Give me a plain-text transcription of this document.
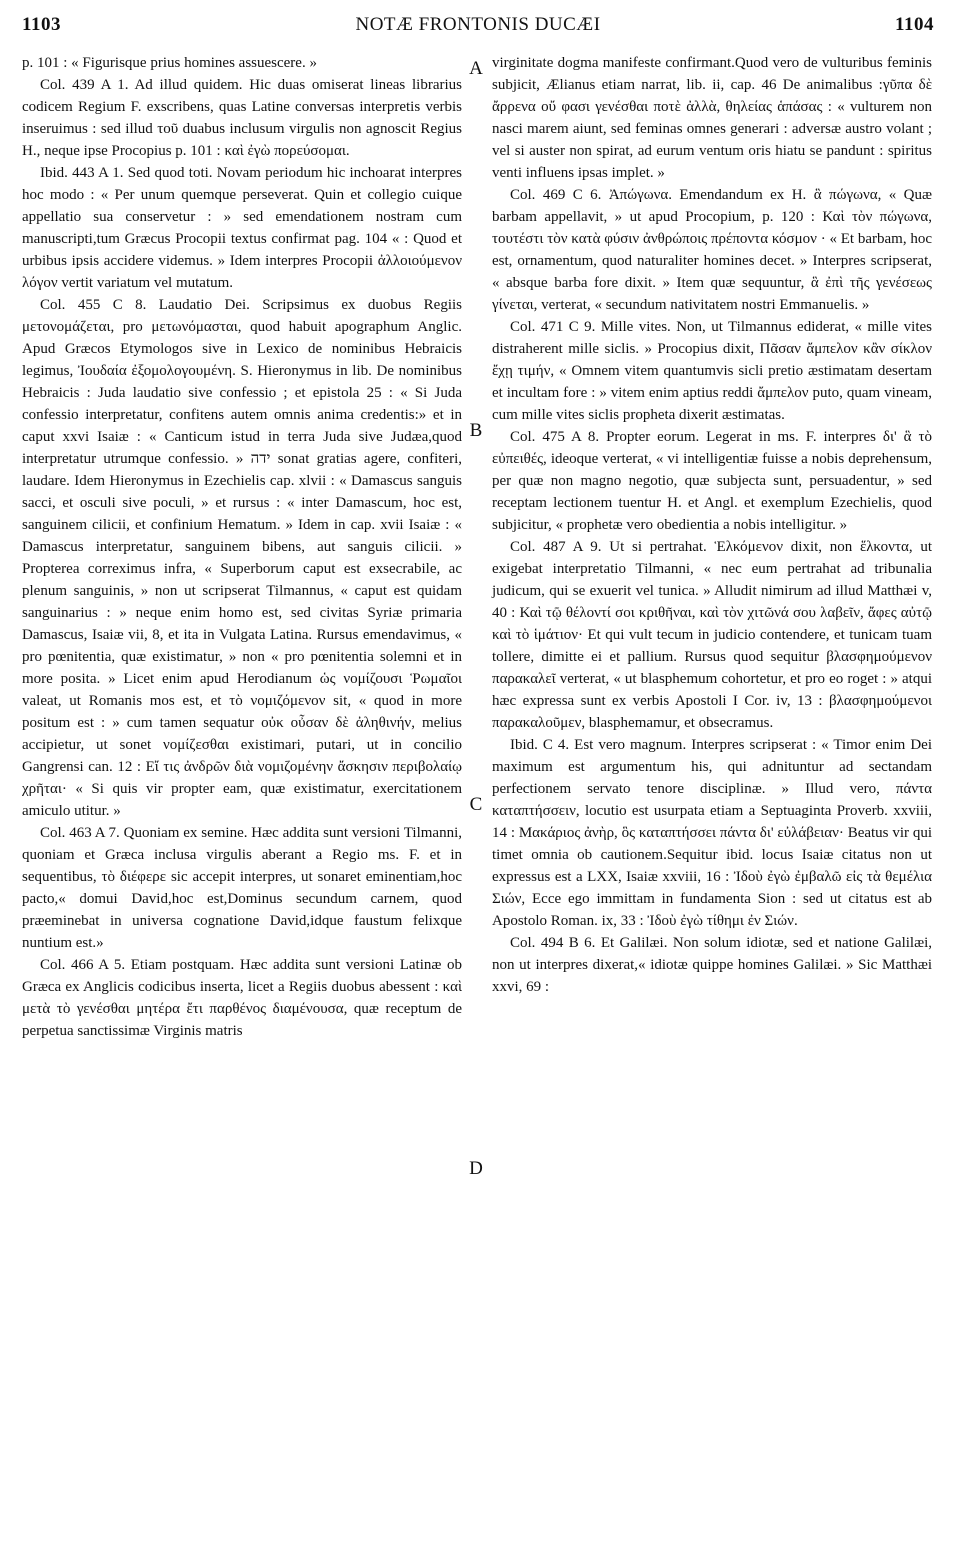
1103	NOTÆ FRONTONIS DUCÆI	1104

p. 101 : « Figurisque prius homines assuescere. »

Col. 439 A 1. Ad illud quidem. Hic duas omiserat lineas librarius codicem Regium F. exscribens, quas Latine conversas interpretis verbis inseruimus : sed illud τοῦ duabus inclusum virgulis non agnoscit Regius H., neque ipse Procopius p. 101 : καὶ ἐγὼ πορεύσομαι.

Ibid. 443 A 1. Sed quod toti. Novam periodum hic inchoarat interpres hoc modo : « Per unum quemque perseverat. Quin et collegio cuique appellatio sua conservetur : » sed emendationem nostram cum manuscripti,tum Græcus Procopii textus confirmat pag. 104 « : Quod et urbibus ipsis accidere videmus. » Idem interpres Procopii ἀλλοιούμενον λόγον vertit variatum vel mutatum.

Col. 455 C 8. Laudatio Dei. Scripsimus ex duobus Regiis μετονομάζεται, pro μετωνόμασται, quod habuit apographum Anglic. Apud Græcos Etymologos sive in Lexico de nominibus Hebraicis legimus, Ἰουδαία ἐξομολογουμένη. S. Hieronymus in lib. De nominibus Hebraicis : Juda laudatio sive confessio ; et epistola 25 : « Si Juda confessio interpretatur, confitens autem omnis anima credentis:» et in caput xxvi Isaiæ : « Canticum istud in terra Juda sive Judæa,quod interpretatur utrumque confessio. » ידה sonat gratias agere, confiteri, laudare. Idem Hieronymus in Ezechielis cap. xlvii : « Damascus sanguis sacci, et osculi sive poculi, » et rursus : « inter Damascum, hoc est, sanguinem cilicii, et confinium Hematum. » Idem in cap. xvii Isaiæ : « Damascus interpretatur, sanguinem bibens, aut sanguis cilicii. » Propterea correximus infra, « Superborum caput est exsecrabile, ac plenum sanguinis, » non ut scripserat Tilmannus, « caput est quidam sanguinarius : » neque enim homo est, sed civitas Syriæ primaria Damascus, Isaiæ vii, 8, et ita in Vulgata Latina. Rursus emendavimus, « pro pœnitentia, quæ existimatur, » non « pro pœnitentia solemni et in more posita. » Licet enim apud Herodianum ὡς νομίζουσι Ῥωμαῖοι valeat, ut Romanis mos est, et τὸ νομιζόμενον sit, « quod in more positum est : » cum tamen sequatur οὐκ οὖσαν δὲ ἀληθινήν, melius accipietur, ut sonet νομίζεσθαι existimari, putari, ut in concilio Gangrensi can. 12 : Εἴ τις ἀνδρῶν διὰ νομιζομένην ἄσκησιν περιβολαίῳ χρῆται· « Si quis vir propter eam, quæ existimatur, exercitationem amiculo utitur. »

Col. 463 A 7. Quoniam ex semine. Hæc addita sunt versioni Tilmanni, quoniam et Græca inclusa virgulis aberant a Regio ms. F. et in sequentibus, τὸ διέφερε sic accepit interpres, ut sonaret eminentiam,hoc pacto,« domui David,hoc est,Dominus secundum carnem, quod præeminebat in universa cognatione David,idque faustum felixque nuntium est.»

Col. 466 A 5. Etiam postquam. Hæc addita sunt versioni Latinæ ob Græca ex Anglicis codicibus inserta, licet a Regiis duobus abessent : καὶ μετὰ τὸ γενέσθαι μητέρα ἔτι παρθένος διαμένουσα, quæ receptum de perpetua sanctissimæ Virginis matris

A
B
C
D

virginitate dogma manifeste confirmant.Quod vero de vulturibus feminis subjicit, Ælianus etiam narrat, lib. ii, cap. 46 De animalibus :γῦπα δὲ ἄρρενα οὔ φασι γενέσθαι ποτὲ ἀλλὰ, θηλείας ἁπάσας : « vulturem non nasci marem aiunt, sed feminas omnes generari : adversæ austro volant ; vel si auster non spirat, ad eurum ventum oris hiatu se pandunt : spiritus venti influens ipsas implet. »

Col. 469 C 6. Ἀπώγωνα. Emendandum ex H. ἃ πώγωνα, « Quæ barbam appellavit, » ut apud Procopium, p. 120 : Καὶ τὸν πώγωνα, τουτέστι τὸν κατὰ φύσιν ἀνθρώποις πρέποντα κόσμον · « Et barbam, hoc est, ornamentum, quod naturaliter homines decet. » Interpres scripserat, « absque barba fore dixit. » Item quæ sequuntur, ἃ ἐπὶ τῆς γενέσεως γίνεται, verterat, « secundum nativitatem nostri Emmanuelis. »

Col. 471 C 9. Mille vites. Non, ut Tilmannus ediderat, « mille vites distraherent mille siclis. » Procopius dixit, Πᾶσαν ἄμπελον κἂν σίκλον ἔχῃ τιμήν, « Omnem vitem quantumvis sicli pretio æstimatam desertam et incultam fore : » vitem enim aptius reddi ἄμπελον puto, quam vineam, cum mille vites siclis propheta dixerit æstimatas.

Col. 475 A 8. Propter eorum. Legerat in ms. F. interpres δι' ἃ τὸ εὐπειθές, ideoque verterat, « vi intelligentiæ fuisse a nobis deprehensum, per quæ non magno negotio, quæ subjecta sunt, persuadentur, » sed receptam lectionem tuentur H. et Angl. et exemplum Ezechielis, quod subjicitur, « prophetæ vero obedientia a nobis intelligitur. »

Col. 487 A 9. Ut si pertrahat. Ἑλκόμενον dixit, non ἕλκοντα, ut exigebat interpretatio Tilmanni, « nec eum pertrahat ad tribunalia judicum, qui se exuerit vel tunica. » Alludit nimirum ad illud Matthæi v, 40 : Καὶ τῷ θέλοντί σοι κριθῆναι, καὶ τὸν χιτῶνά σου λαβεῖν, ἄφες αὐτῷ καὶ τὸ ἱμάτιον· Et qui vult tecum in judicio contendere, et tunicam tuam tollere, dimitte ei et pallium. Rursus quod sequitur βλασφημούμενον παρακαλεῖ verterat, « ut blasphemum cohortetur, et pro eo roget : » atqui hæc expressa sunt ex verbis Apostoli I Cor. iv, 13 : βλασφημούμενοι παρακαλοῦμεν, blasphemamur, et obsecramus.

Ibid. C 4. Est vero magnum. Interpres scripserat : « Timor enim Dei maximum est argumentum his, qui adnituntur ad sectandam perfectionem servato tenore disciplinæ. » Illud vero, πάντα καταπτήσσειν, locutio est usurpata etiam a Septuaginta Proverb. xxviii, 14 : Μακάριος ἀνὴρ, ὃς καταπτήσσει πάντα δι' εὐλάβειαν· Beatus vir qui timet omnia ob cautionem.Sequitur ibid. locus Isaiæ citatus non ut expressus est a LXX, Isaiæ xxviii, 16 : Ἰδοὺ ἐγὼ ἐμβαλῶ εἰς τὰ θεμέλια Σιών, Ecce ego immittam in fundamenta Sion : sed ut citatus est ab Apostolo Roman. ix, 33 : Ἰδοὺ ἐγὼ τίθημι ἐν Σιών.

Col. 494 B 6. Et Galilæi. Non solum idiotæ, sed et natione Galilæi, non ut interpres dixerat,« idiotæ quippe homines Galilæi. » Sic Matthæi xxvi, 69 :
